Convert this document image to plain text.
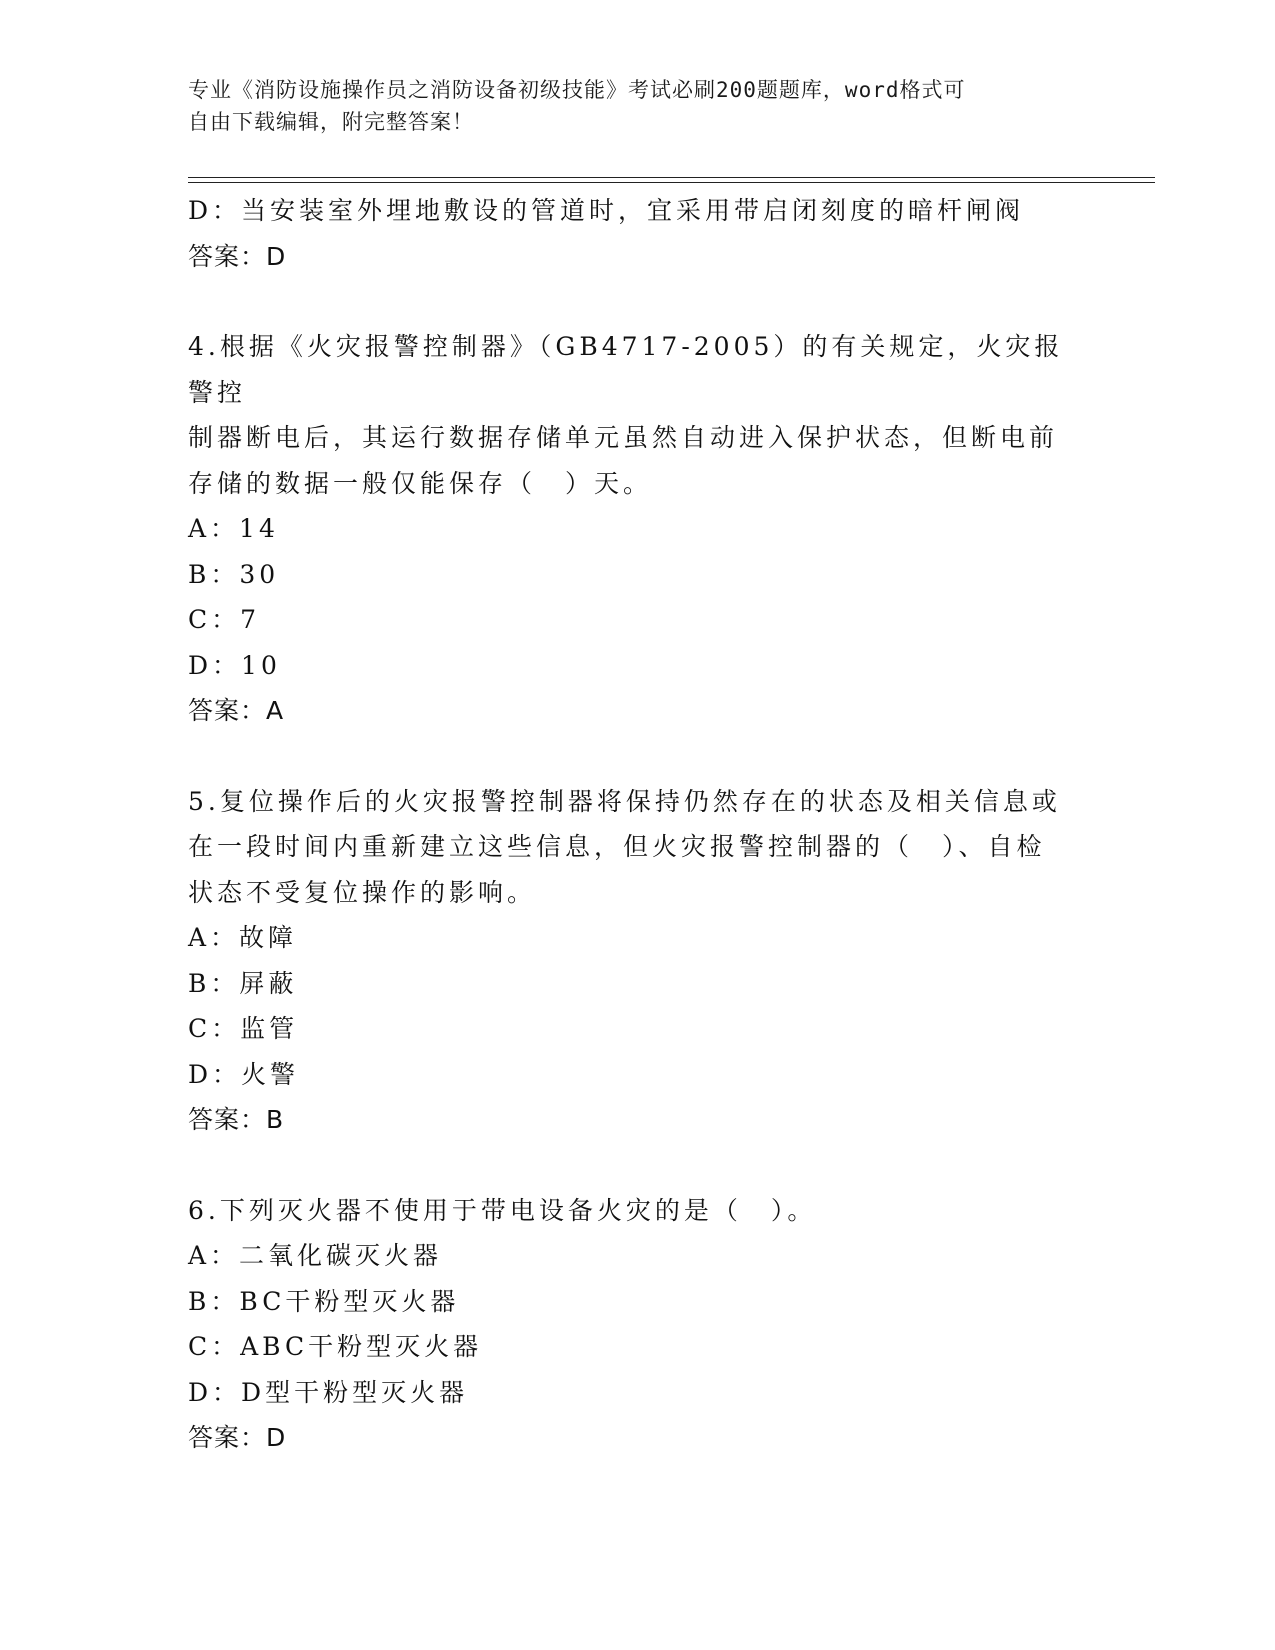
专业《消防设施操作员之消防设备初级技能》考试必刷200题题库，word格式可
自由下载编辑，附完整答案！
D：当安装室外埋地敷设的管道时，宜采用带启闭刻度的暗杆闸阀
答案：D
4.根据《火灾报警控制器》（GB4717-2005）的有关规定，火灾报警控
制器断电后，其运行数据存储单元虽然自动进入保护状态，但断电前
存储的数据一般仅能保存（　）天。
A：14
B：30
C：7
D：10
答案：A
5.复位操作后的火灾报警控制器将保持仍然存在的状态及相关信息或
在一段时间内重新建立这些信息，但火灾报警控制器的（　）、自检
状态不受复位操作的影响。
A：故障
B：屏蔽
C：监管
D：火警
答案：B
6.下列灭火器不使用于带电设备火灾的是（　）。
A：二氧化碳灭火器
B：BC干粉型灭火器
C：ABC干粉型灭火器
D：D型干粉型灭火器
答案：D
